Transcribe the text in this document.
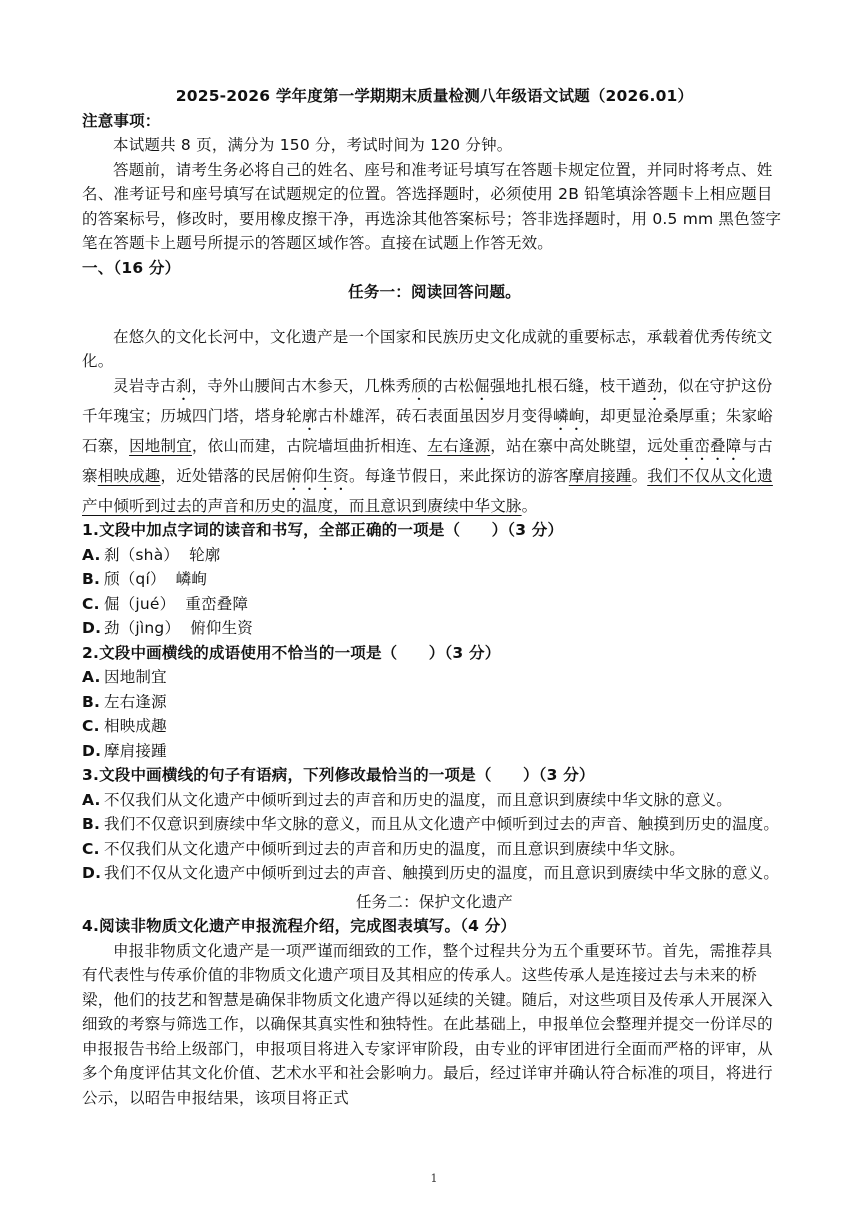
2025-2026 学年度第一学期期末质量检测八年级语文试题（2026.01）

注意事项：

本试题共 8 页，满分为 150 分，考试时间为 120 分钟。

答题前，请考生务必将自己的姓名、座号和准考证号填写在答题卡规定位置，并同时将考点、姓名、准考证号和座号填写在试题规定的位置。答选择题时，必须使用 2B 铅笔填涂答题卡上相应题目的答案标号，修改时，要用橡皮擦干净，再选涂其他答案标号；答非选择题时，用 0.5 mm 黑色签字笔在答题卡上题号所提示的答题区域作答。直接在试题上作答无效。

一、（16 分）

任务一：阅读回答问题。

在悠久的文化长河中，文化遗产是一个国家和民族历史文化成就的重要标志，承载着优秀传统文化。

灵岩寺古刹，寺外山腰间古木参天，几株秀颀的古松倔强地扎根石缝，枝干遒劲，似在守护这份千年瑰宝；历城四门塔，塔身轮廓古朴雄浑，砖石表面虽因岁月变得嶙峋，却更显沧桑厚重；朱家峪石寨，因地制宜，依山而建，古院墙垣曲折相连、左右逢源，站在寨中高处眺望，远处重峦叠障与古寨相映成趣，近处错落的民居俯仰生资。每逢节假日，来此探访的游客摩肩接踵。我们不仅从文化遗产中倾听到过去的声音和历史的温度，而且意识到赓续中华文脉。

1.文段中加点字词的读音和书写，全部正确的一项是（　　）（3 分）

A. 刹（shà） 轮廓

B. 颀（qí） 嶙峋

C. 倔（jué） 重峦叠障

D. 劲（jìng） 俯仰生资

2.文段中画横线的成语使用不恰当的一项是（　　）（3 分）

A. 因地制宜

B. 左右逢源

C. 相映成趣

D. 摩肩接踵

3.文段中画横线的句子有语病，下列修改最恰当的一项是（　　）（3 分）

A. 不仅我们从文化遗产中倾听到过去的声音和历史的温度，而且意识到赓续中华文脉的意义。

B. 我们不仅意识到赓续中华文脉的意义，而且从文化遗产中倾听到过去的声音、触摸到历史的温度。

C. 不仅我们从文化遗产中倾听到过去的声音和历史的温度，而且意识到赓续中华文脉。

D. 我们不仅从文化遗产中倾听到过去的声音、触摸到历史的温度，而且意识到赓续中华文脉的意义。

任务二：保护文化遗产

4.阅读非物质文化遗产申报流程介绍，完成图表填写。（4 分）

申报非物质文化遗产是一项严谨而细致的工作，整个过程共分为五个重要环节。首先，需推荐具有代表性与传承价值的非物质文化遗产项目及其相应的传承人。这些传承人是连接过去与未来的桥梁，他们的技艺和智慧是确保非物质文化遗产得以延续的关键。随后，对这些项目及传承人开展深入细致的考察与筛选工作，以确保其真实性和独特性。在此基础上，申报单位会整理并提交一份详尽的申报报告书给上级部门，申报项目将进入专家评审阶段，由专业的评审团进行全面而严格的评审，从多个角度评估其文化价值、艺术水平和社会影响力。最后，经过详审并确认符合标准的项目，将进行公示，以昭告申报结果，该项目将正式

1
